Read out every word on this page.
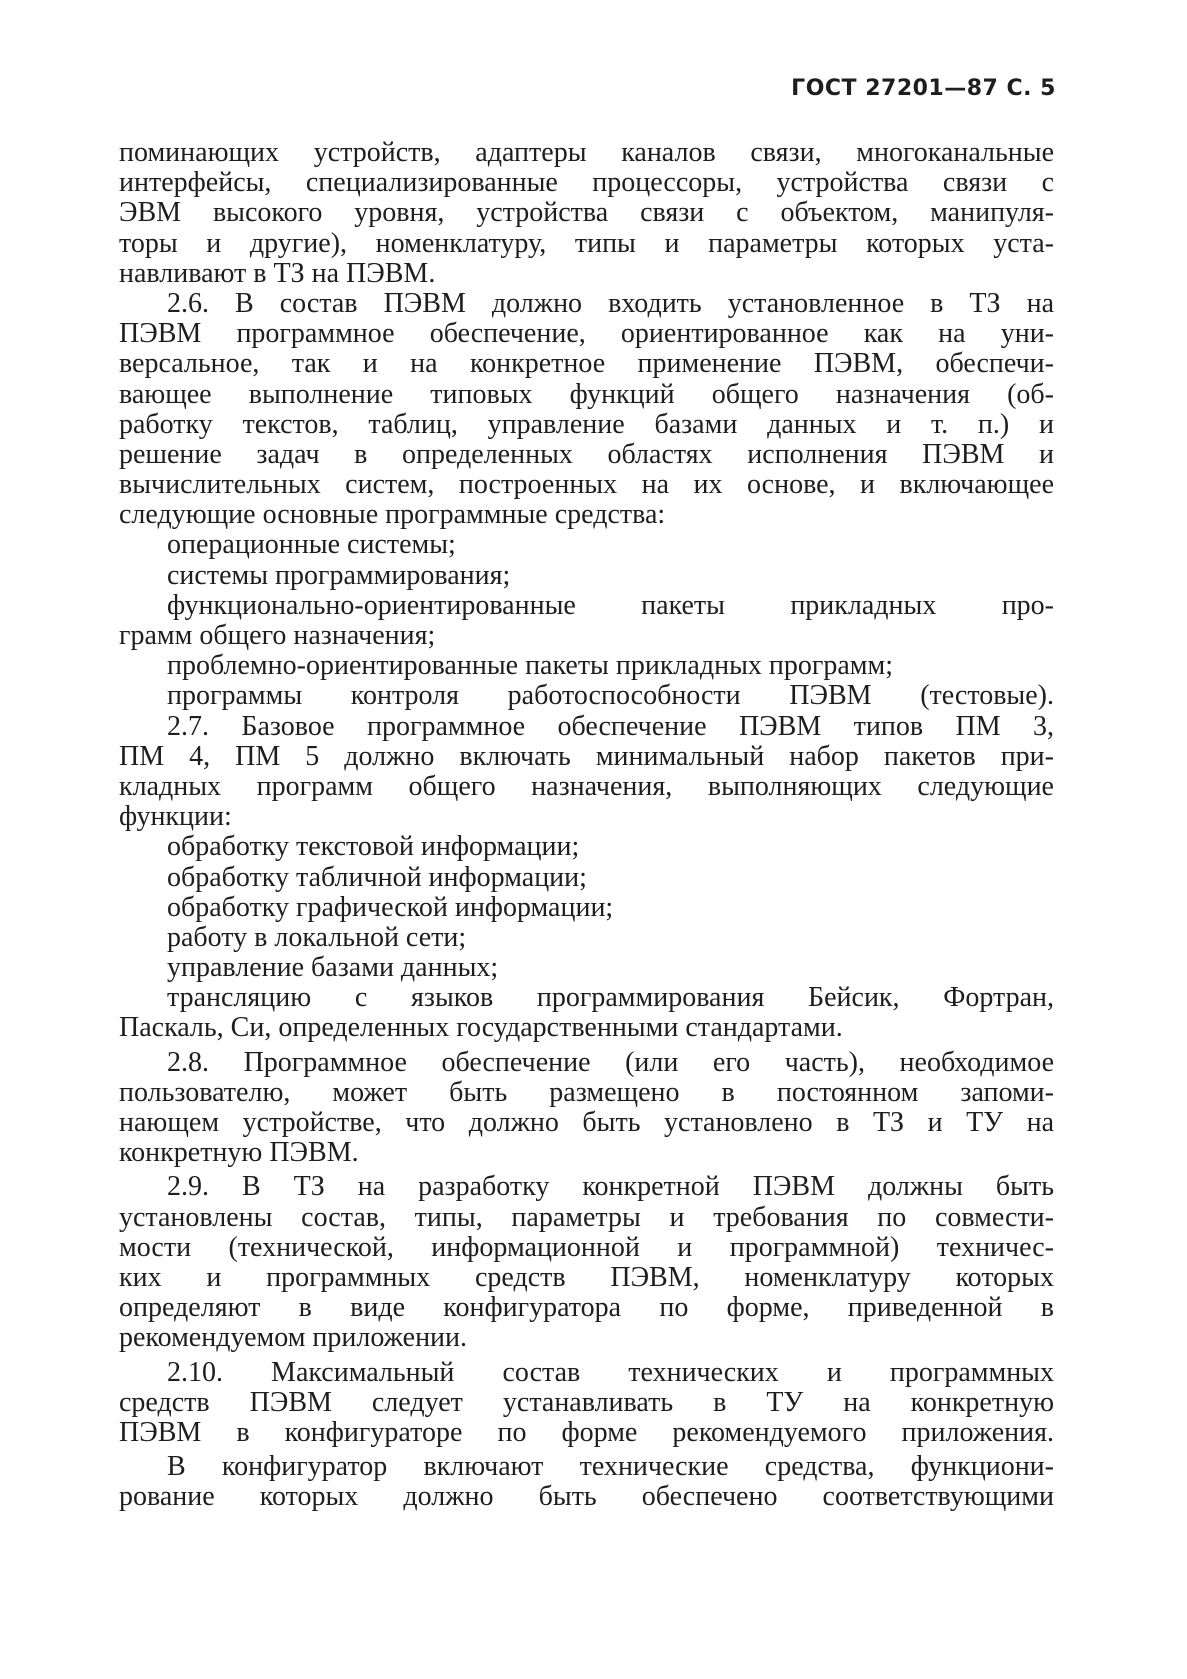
ГОСТ 27201—87 С. 5
поминающих устройств, адаптеры каналов связи, многоканальные
интерфейсы, специализированные процессоры, устройства связи с
ЭВМ высокого уровня, устройства связи с объектом, манипуля-
торы и другие), номенклатуру, типы и параметры которых уста-
навливают в ТЗ на ПЭВМ.
2.6. В состав ПЭВМ должно входить установленное в ТЗ на
ПЭВМ программное обеспечение, ориентированное как на уни-
версальное, так и на конкретное применение ПЭВМ, обеспечи-
вающее выполнение типовых функций общего назначения (об-
работку текстов, таблиц, управление базами данных и т. п.) и
решение задач в определенных областях исполнения ПЭВМ и
вычислительных систем, построенных на их основе, и включающее
следующие основные программные средства:
операционные системы;
системы программирования;
функционально-ориентированные пакеты прикладных про-
грамм общего назначения;
проблемно-ориентированные пакеты прикладных программ;
программы контроля работоспособности ПЭВМ (тестовые).
2.7. Базовое программное обеспечение ПЭВМ типов ПМ 3,
ПМ 4, ПМ 5 должно включать минимальный набор пакетов при-
кладных программ общего назначения, выполняющих следующие
функции:
обработку текстовой информации;
обработку табличной информации;
обработку графической информации;
работу в локальной сети;
управление базами данных;
трансляцию с языков программирования Бейсик, Фортран,
Паскаль, Си, определенных государственными стандартами.
2.8. Программное обеспечение (или его часть), необходимое
пользователю, может быть размещено в постоянном запоми-
нающем устройстве, что должно быть установлено в ТЗ и ТУ на
конкретную ПЭВМ.
2.9. В ТЗ на разработку конкретной ПЭВМ должны быть
установлены состав, типы, параметры и требования по совмести-
мости (технической, информационной и программной) техничес-
ких и программных средств ПЭВМ, номенклатуру которых
определяют в виде конфигуратора по форме, приведенной в
рекомендуемом приложении.
2.10. Максимальный состав технических и программных
средств ПЭВМ следует устанавливать в ТУ на конкретную
ПЭВМ в конфигураторе по форме рекомендуемого приложения.
В конфигуратор включают технические средства, функциони-
рование которых должно быть обеспечено соответствующими
